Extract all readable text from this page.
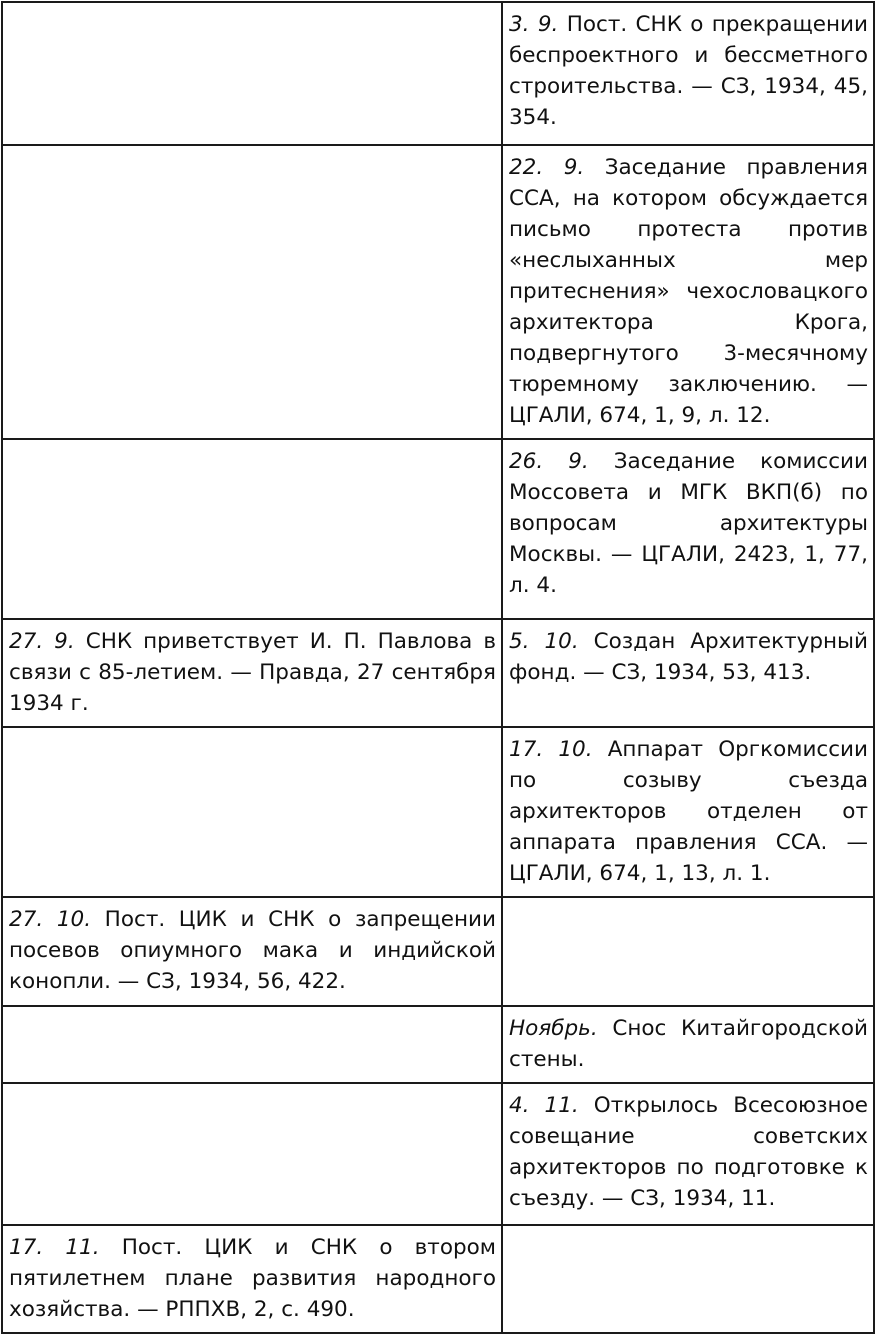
	3. 9. Пост. СНК о прекращении беспроектного и бессметного строительства. — СЗ, 1934, 45, 354.
	22. 9. Заседание правления ССА, на котором обсуждается письмо протеста против «неслыханных мер притеснения» чехословацкого архитектора Крога, подвергнутого 3-месячному тюремному заключению. — ЦГАЛИ, 674, 1, 9, л. 12.
	26. 9. Заседание комиссии Моссовета и МГК ВКП(б) по вопросам архитектуры Москвы. — ЦГАЛИ, 2423, 1, 77, л. 4.
27. 9. СНК приветствует И. П. Павлова в связи с 85-летием. — Правда, 27 сентября 1934 г.	5. 10. Создан Архитектурный фонд. — СЗ, 1934, 53, 413.
	17. 10. Аппарат Оргкомиссии по созыву съезда архитекторов отделен от аппарата правления ССА. — ЦГАЛИ, 674, 1, 13, л. 1.
27. 10. Пост. ЦИК и СНК о запрещении посевов опиумного мака и индийской конопли. — СЗ, 1934, 56, 422.	
	Ноябрь. Снос Китайгородской стены.
	4. 11. Открылось Всесоюзное совещание советских архитекторов по подготовке к съезду. — СЗ, 1934, 11.
17. 11. Пост. ЦИК и СНК о втором пятилетнем плане развития народного хозяйства. — РППХВ, 2, с. 490.	
